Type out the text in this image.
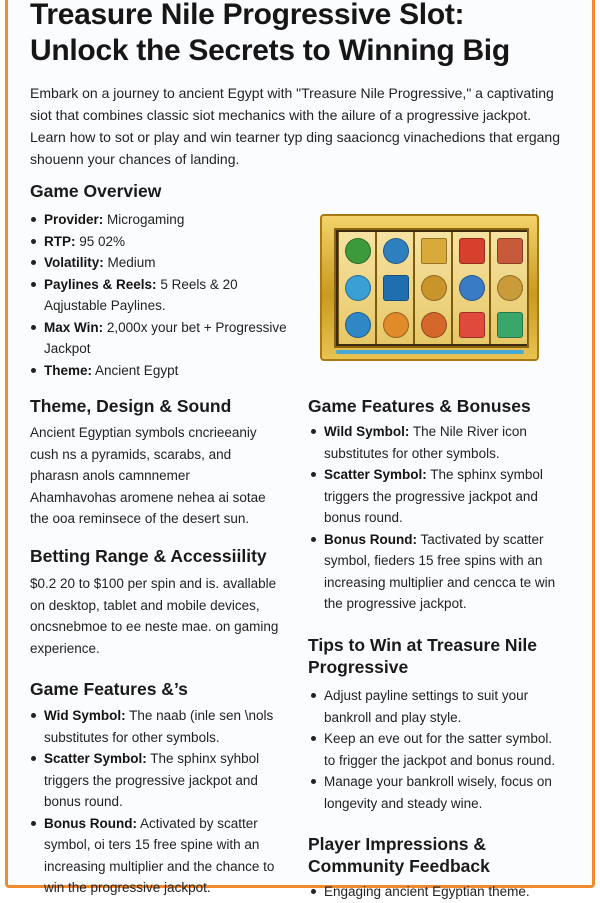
Treasure Nile Progressive Slot: Unlock the Secrets to Winning Big

Embark on a journey to ancient Egypt with "Treasure Nile Progressive," a captivating siot that combines classic siot mechanics with the ailure of a progressive jackpot. Learn how to sot or play and win tearner typ ding saacioncg vinachedions that ergang shouenn your chances of landing.

Game Overview
Provider: Microgaming
RTP: 95 02%
Volatility: Medium
Paylines & Reels: 5 Reels & 20 Aqjustable Paylines.
Max Win: 2,000x your bet + Progressive Jackpot
Theme: Ancient Egypt
Theme, Design & Sound

Ancient Egyptian symbols cncrieeaniy cush ns a pyramids, scarabs, and pharasn anols camnnemer Ahamhavohas aromene nehea ai sotae the ooa reminsece of the desert sun.

Betting Range & Accessiility

$0.2 20 to $100 per spin and is. avallable on desktop, tablet and mobile devices, oncsnebmoe to ee neste mae. on gaming experience.

Game Features &’s
Wid Symbol: The naab (inle sen \nols substitutes for other symbols.
Scatter Symbol: The sphinx syhbol triggers the progressive jackpot and bonus round.
Bonus Round: Activated by scatter symbol, oi ters 15 free spine with an increasing multiplier and the chance to win the progressive jackpot.
Game Features & Bonuses
Wild Symbol: The Nile River icon substitutes for other symbols.
Scatter Symbol: The sphinx symbol triggers the progressive jackpot and bonus round.
Bonus Round: Tactivated by scatter symbol, fieders 15 free spins with an increasing multiplier and cencca te win the progressive jackpot.
Tips to Win at Treasure Nile Progressive
Adjust payline settings to suit your bankroll and play style.
Keep an eve out for the satter symbol. to frigger the jackpot and bonus round.
Manage your bankroll wisely, focus on longevity and steady wine.
Player Impressions & Community Feedback
Engaging ancient Egyptian theme.
